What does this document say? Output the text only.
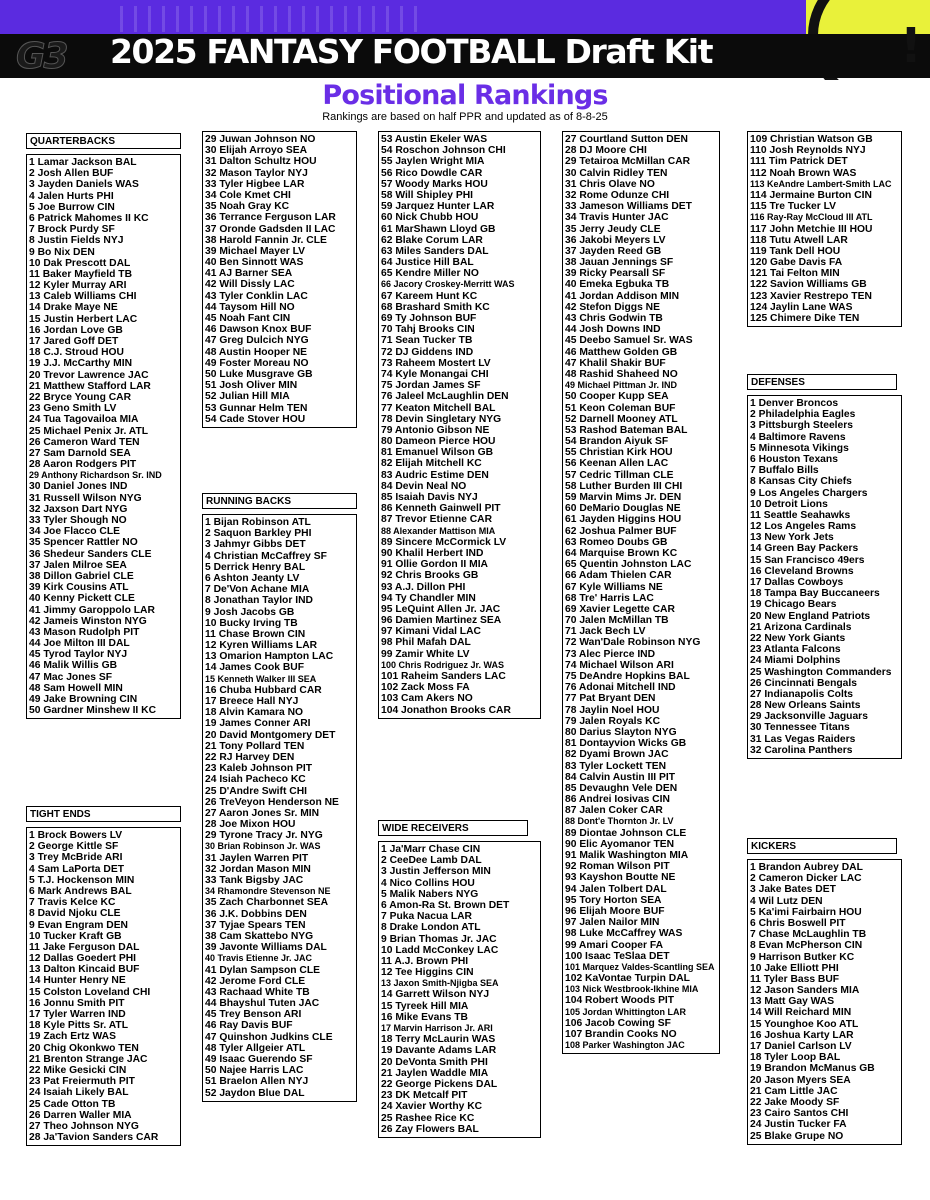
G3 2025 FANTASY FOOTBALL Draft Kit	!
Positional Rankings
Rankings are based on half PPR and updated as of 8-8-25
QUARTERBACKS
1 Lamar Jackson BAL
2 Josh Allen BUF
3 Jayden Daniels WAS
4 Jalen Hurts PHI
5 Joe Burrow CIN
6 Patrick Mahomes II KC
7 Brock Purdy SF
8 Justin Fields NYJ
9 Bo Nix DEN
10 Dak Prescott DAL
11 Baker Mayfield TB
12 Kyler Murray ARI
13 Caleb Williams CHI
14 Drake Maye NE
15 Justin Herbert LAC
16 Jordan Love GB
17 Jared Goff DET
18 C.J. Stroud HOU
19 J.J. McCarthy MIN
20 Trevor Lawrence JAC
21 Matthew Stafford LAR
22 Bryce Young CAR
23 Geno Smith LV
24 Tua Tagovailoa MIA
25 Michael Penix Jr. ATL
26 Cameron Ward TEN
27 Sam Darnold SEA
28 Aaron Rodgers PIT
29 Anthony Richardson Sr. IND
30 Daniel Jones IND
31 Russell Wilson NYG
32 Jaxson Dart NYG
33 Tyler Shough NO
34 Joe Flacco CLE
35 Spencer Rattler NO
36 Shedeur Sanders CLE
37 Jalen Milroe SEA
38 Dillon Gabriel CLE
39 Kirk Cousins ATL
40 Kenny Pickett CLE
41 Jimmy Garoppolo LAR
42 Jameis Winston NYG
43 Mason Rudolph PIT
44 Joe Milton III DAL
45 Tyrod Taylor NYJ
46 Malik Willis GB
47 Mac Jones SF
48 Sam Howell MIN
49 Jake Browning CIN
50 Gardner Minshew II KC
TIGHT ENDS
1 Brock Bowers LV
2 George Kittle SF
3 Trey McBride ARI
4 Sam LaPorta DET
5 T.J. Hockenson MIN
6 Mark Andrews BAL
7 Travis Kelce KC
8 David Njoku CLE
9 Evan Engram DEN
10 Tucker Kraft GB
11 Jake Ferguson DAL
12 Dallas Goedert PHI
13 Dalton Kincaid BUF
14 Hunter Henry NE
15 Colston Loveland CHI
16 Jonnu Smith PIT
17 Tyler Warren IND
18 Kyle Pitts Sr. ATL
19 Zach Ertz WAS
20 Chig Okonkwo TEN
21 Brenton Strange JAC
22 Mike Gesicki CIN
23 Pat Freiermuth PIT
24 Isaiah Likely BAL
25 Cade Otton TB
26 Darren Waller MIA
27 Theo Johnson NYG
28 Ja'Tavion Sanders CAR
29 Juwan Johnson NO
30 Elijah Arroyo SEA
31 Dalton Schultz HOU
32 Mason Taylor NYJ
33 Tyler Higbee LAR
34 Cole Kmet CHI
35 Noah Gray KC
36 Terrance Ferguson LAR
37 Oronde Gadsden II LAC
38 Harold Fannin Jr. CLE
39 Michael Mayer LV
40 Ben Sinnott WAS
41 AJ Barner SEA
42 Will Dissly LAC
43 Tyler Conklin LAC
44 Taysom Hill NO
45 Noah Fant CIN
46 Dawson Knox BUF
47 Greg Dulcich NYG
48 Austin Hooper NE
49 Foster Moreau NO
50 Luke Musgrave GB
51 Josh Oliver MIN
52 Julian Hill MIA
53 Gunnar Helm TEN
54 Cade Stover HOU
RUNNING BACKS
1 Bijan Robinson ATL
2 Saquon Barkley PHI
3 Jahmyr Gibbs DET
4 Christian McCaffrey SF
5 Derrick Henry BAL
6 Ashton Jeanty LV
7 De'Von Achane MIA
8 Jonathan Taylor IND
9 Josh Jacobs GB
10 Bucky Irving TB
11 Chase Brown CIN
12 Kyren Williams LAR
13 Omarion Hampton LAC
14 James Cook BUF
15 Kenneth Walker III SEA
16 Chuba Hubbard CAR
17 Breece Hall NYJ
18 Alvin Kamara NO
19 James Conner ARI
20 David Montgomery DET
21 Tony Pollard TEN
22 RJ Harvey DEN
23 Kaleb Johnson PIT
24 Isiah Pacheco KC
25 D'Andre Swift CHI
26 TreVeyon Henderson NE
27 Aaron Jones Sr. MIN
28 Joe Mixon HOU
29 Tyrone Tracy Jr. NYG
30 Brian Robinson Jr. WAS
31 Jaylen Warren PIT
32 Jordan Mason MIN
33 Tank Bigsby JAC
34 Rhamondre Stevenson NE
35 Zach Charbonnet SEA
36 J.K. Dobbins DEN
37 Tyjae Spears TEN
38 Cam Skattebo NYG
39 Javonte Williams DAL
40 Travis Etienne Jr. JAC
41 Dylan Sampson CLE
42 Jerome Ford CLE
43 Rachaad White TB
44 Bhayshul Tuten JAC
45 Trey Benson ARI
46 Ray Davis BUF
47 Quinshon Judkins CLE
48 Tyler Allgeier ATL
49 Isaac Guerendo SF
50 Najee Harris LAC
51 Braelon Allen NYJ
52 Jaydon Blue DAL
53 Austin Ekeler WAS
54 Roschon Johnson CHI
55 Jaylen Wright MIA
56 Rico Dowdle CAR
57 Woody Marks HOU
58 Will Shipley PHI
59 Jarquez Hunter LAR
60 Nick Chubb HOU
61 MarShawn Lloyd GB
62 Blake Corum LAR
63 Miles Sanders DAL
64 Justice Hill BAL
65 Kendre Miller NO
66 Jacory Croskey-Merritt WAS
67 Kareem Hunt KC
68 Brashard Smith KC
69 Ty Johnson BUF
70 Tahj Brooks CIN
71 Sean Tucker TB
72 DJ Giddens IND
73 Raheem Mostert LV
74 Kyle Monangai CHI
75 Jordan James SF
76 Jaleel McLaughlin DEN
77 Keaton Mitchell BAL
78 Devin Singletary NYG
79 Antonio Gibson NE
80 Dameon Pierce HOU
81 Emanuel Wilson GB
82 Elijah Mitchell KC
83 Audric Estime DEN
84 Devin Neal NO
85 Isaiah Davis NYJ
86 Kenneth Gainwell PIT
87 Trevor Etienne CAR
88 Alexander Mattison MIA
89 Sincere McCormick LV
90 Khalil Herbert IND
91 Ollie Gordon II MIA
92 Chris Brooks GB
93 A.J. Dillon PHI
94 Ty Chandler MIN
95 LeQuint Allen Jr. JAC
96 Damien Martinez SEA
97 Kimani Vidal LAC
98 Phil Mafah DAL
99 Zamir White LV
100 Chris Rodriguez Jr. WAS
101 Raheim Sanders LAC
102 Zack Moss FA
103 Cam Akers NO
104 Jonathon Brooks CAR
WIDE RECEIVERS
1 Ja'Marr Chase CIN
2 CeeDee Lamb DAL
3 Justin Jefferson MIN
4 Nico Collins HOU
5 Malik Nabers NYG
6 Amon-Ra St. Brown DET
7 Puka Nacua LAR
8 Drake London ATL
9 Brian Thomas Jr. JAC
10 Ladd McConkey LAC
11 A.J. Brown PHI
12 Tee Higgins CIN
13 Jaxon Smith-Njigba SEA
14 Garrett Wilson NYJ
15 Tyreek Hill MIA
16 Mike Evans TB
17 Marvin Harrison Jr. ARI
18 Terry McLaurin WAS
19 Davante Adams LAR
20 DeVonta Smith PHI
21 Jaylen Waddle MIA
22 George Pickens DAL
23 DK Metcalf PIT
24 Xavier Worthy KC
25 Rashee Rice KC
26 Zay Flowers BAL
27 Courtland Sutton DEN
28 DJ Moore CHI
29 Tetairoa McMillan CAR
30 Calvin Ridley TEN
31 Chris Olave NO
32 Rome Odunze CHI
33 Jameson Williams DET
34 Travis Hunter JAC
35 Jerry Jeudy CLE
36 Jakobi Meyers LV
37 Jayden Reed GB
38 Jauan Jennings SF
39 Ricky Pearsall SF
40 Emeka Egbuka TB
41 Jordan Addison MIN
42 Stefon Diggs NE
43 Chris Godwin TB
44 Josh Downs IND
45 Deebo Samuel Sr. WAS
46 Matthew Golden GB
47 Khalil Shakir BUF
48 Rashid Shaheed NO
49 Michael Pittman Jr. IND
50 Cooper Kupp SEA
51 Keon Coleman BUF
52 Darnell Mooney ATL
53 Rashod Bateman BAL
54 Brandon Aiyuk SF
55 Christian Kirk HOU
56 Keenan Allen LAC
57 Cedric Tillman CLE
58 Luther Burden III CHI
59 Marvin Mims Jr. DEN
60 DeMario Douglas NE
61 Jayden Higgins HOU
62 Joshua Palmer BUF
63 Romeo Doubs GB
64 Marquise Brown KC
65 Quentin Johnston LAC
66 Adam Thielen CAR
67 Kyle Williams NE
68 Tre' Harris LAC
69 Xavier Legette CAR
70 Jalen McMillan TB
71 Jack Bech LV
72 Wan'Dale Robinson NYG
73 Alec Pierce IND
74 Michael Wilson ARI
75 DeAndre Hopkins BAL
76 Adonai Mitchell IND
77 Pat Bryant DEN
78 Jaylin Noel HOU
79 Jalen Royals KC
80 Darius Slayton NYG
81 Dontayvion Wicks GB
82 Dyami Brown JAC
83 Tyler Lockett TEN
84 Calvin Austin III PIT
85 Devaughn Vele DEN
86 Andrei Iosivas CIN
87 Jalen Coker CAR
88 Dont'e Thornton Jr. LV
89 Diontae Johnson CLE
90 Elic Ayomanor TEN
91 Malik Washington MIA
92 Roman Wilson PIT
93 Kayshon Boutte NE
94 Jalen Tolbert DAL
95 Tory Horton SEA
96 Elijah Moore BUF
97 Jalen Nailor MIN
98 Luke McCaffrey WAS
99 Amari Cooper FA
100 Isaac TeSlaa DET
101 Marquez Valdes-Scantling SEA
102 KaVontae Turpin DAL
103 Nick Westbrook-Ikhine MIA
104 Robert Woods PIT
105 Jordan Whittington LAR
106 Jacob Cowing SF
107 Brandin Cooks NO
108 Parker Washington JAC
109 Christian Watson GB
110 Josh Reynolds NYJ
111 Tim Patrick DET
112 Noah Brown WAS
113 KeAndre Lambert-Smith LAC
114 Jermaine Burton CIN
115 Tre Tucker LV
116 Ray-Ray McCloud III ATL
117 John Metchie III HOU
118 Tutu Atwell LAR
119 Tank Dell HOU
120 Gabe Davis FA
121 Tai Felton MIN
122 Savion Williams GB
123 Xavier Restrepo TEN
124 Jaylin Lane WAS
125 Chimere Dike TEN
DEFENSES
1 Denver Broncos
2 Philadelphia Eagles
3 Pittsburgh Steelers
4 Baltimore Ravens
5 Minnesota Vikings
6 Houston Texans
7 Buffalo Bills
8 Kansas City Chiefs
9 Los Angeles Chargers
10 Detroit Lions
11 Seattle Seahawks
12 Los Angeles Rams
13 New York Jets
14 Green Bay Packers
15 San Francisco 49ers
16 Cleveland Browns
17 Dallas Cowboys
18 Tampa Bay Buccaneers
19 Chicago Bears
20 New England Patriots
21 Arizona Cardinals
22 New York Giants
23 Atlanta Falcons
24 Miami Dolphins
25 Washington Commanders
26 Cincinnati Bengals
27 Indianapolis Colts
28 New Orleans Saints
29 Jacksonville Jaguars
30 Tennessee Titans
31 Las Vegas Raiders
32 Carolina Panthers
KICKERS
1 Brandon Aubrey DAL
2 Cameron Dicker LAC
3 Jake Bates DET
4 Wil Lutz DEN
5 Ka'imi Fairbairn HOU
6 Chris Boswell PIT
7 Chase McLaughlin TB
8 Evan McPherson CIN
9 Harrison Butker KC
10 Jake Elliott PHI
11 Tyler Bass BUF
12 Jason Sanders MIA
13 Matt Gay WAS
14 Will Reichard MIN
15 Younghoe Koo ATL
16 Joshua Karty LAR
17 Daniel Carlson LV
18 Tyler Loop BAL
19 Brandon McManus GB
20 Jason Myers SEA
21 Cam Little JAC
22 Jake Moody SF
23 Cairo Santos CHI
24 Justin Tucker FA
25 Blake Grupe NO
